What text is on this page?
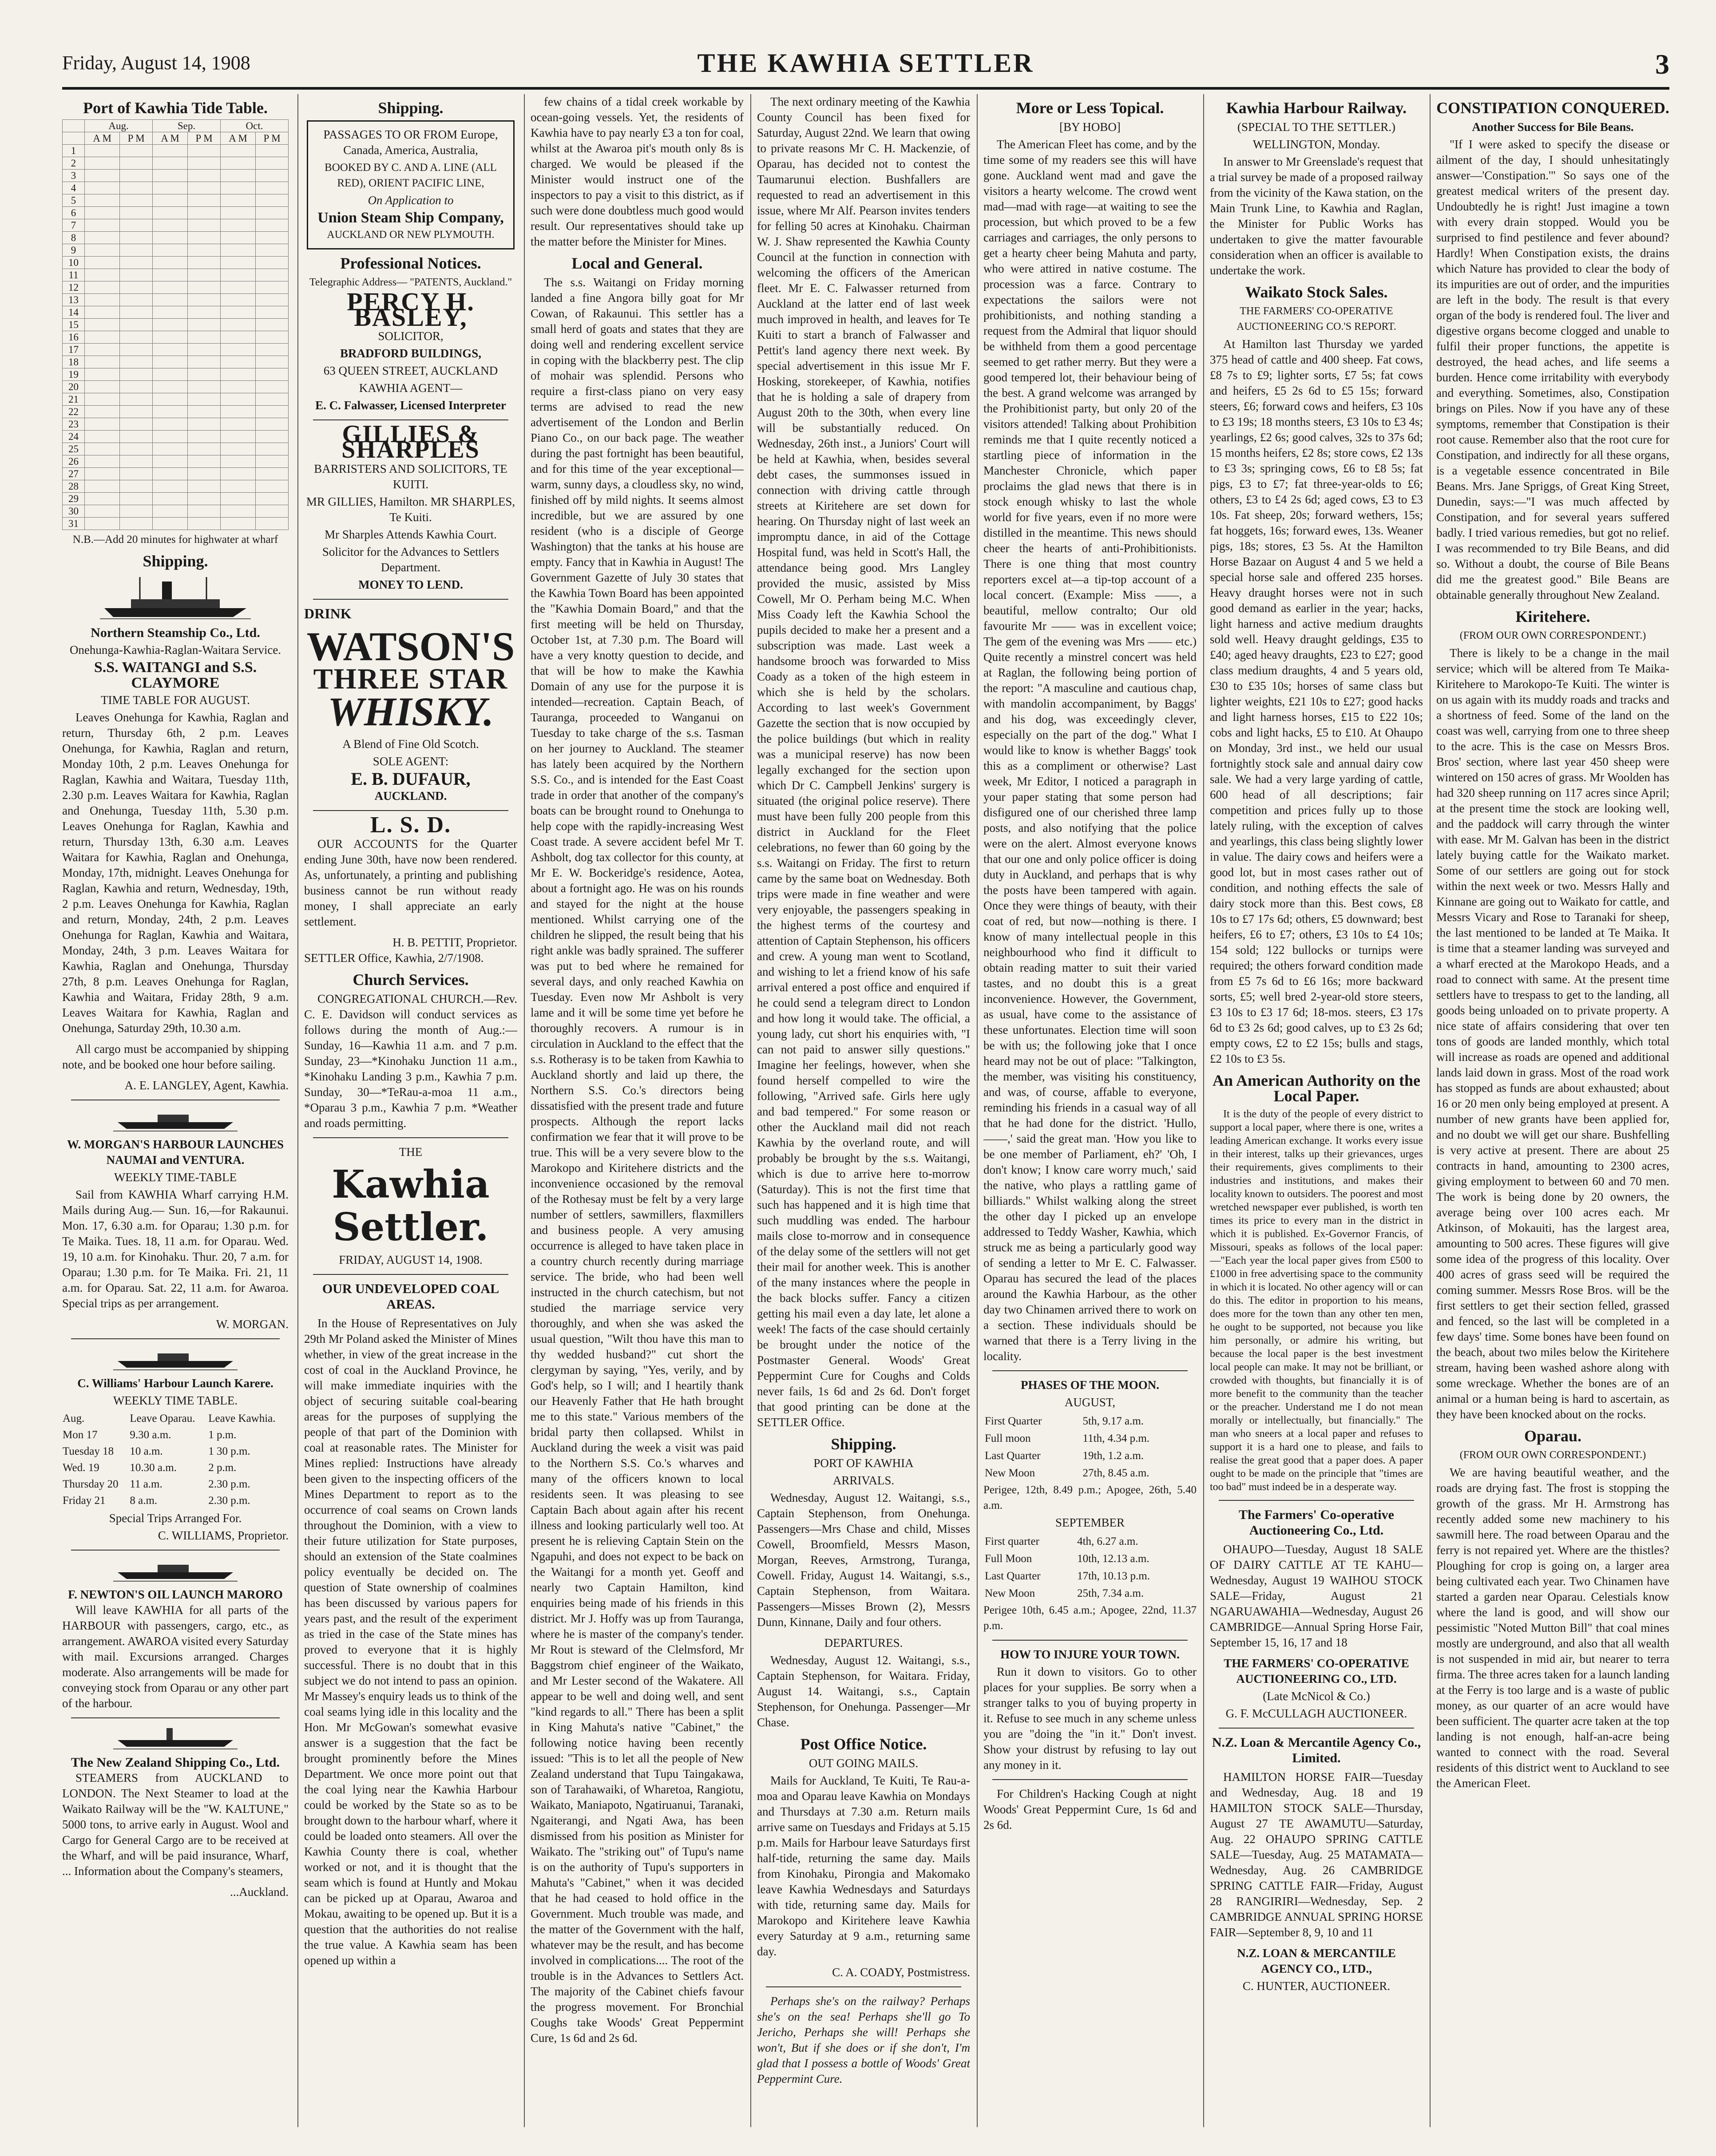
Friday, August 14, 1908	THE KAWHIA SETTLER	3
Port of Kawhia Tide Table.
	Aug.		Sep.		Oct.	
	A M	P M	A M	P M	A M	P M
1						
2						
3						
4						
5						
6						
7						
8						
9						
10						
11						
12						
13						
14						
15						
16						
17						
18						
19						
20						
21						
22						
23						
24						
25						
26						
27						
28						
29						
30						
31						
N.B.—Add 20 minutes for highwater at wharf
Shipping.
Northern Steamship Co., Ltd.
Onehunga-Kawhia-Raglan-Waitara Service.
S.S. WAITANGI and S.S. CLAYMORE
TIME TABLE FOR AUGUST.
Leaves Onehunga for Kawhia, Raglan and return, Thursday 6th, 2 p.m. Leaves Onehunga, for Kawhia, Raglan and return, Monday 10th, 2 p.m. Leaves Onehunga for Raglan, Kawhia and Waitara, Tuesday 11th, 2.30 p.m. Leaves Waitara for Kawhia, Raglan and Onehunga, Tuesday 11th, 5.30 p.m. Leaves Onehunga for Raglan, Kawhia and return, Thursday 13th, 6.30 a.m. Leaves Waitara for Kawhia, Raglan and Onehunga, Monday, 17th, midnight. Leaves Onehunga for Raglan, Kawhia and return, Wednesday, 19th, 2 p.m. Leaves Onehunga for Kawhia, Raglan and return, Monday, 24th, 2 p.m. Leaves Onehunga for Raglan, Kawhia and Waitara, Monday, 24th, 3 p.m. Leaves Waitara for Kawhia, Raglan and Onehunga, Thursday 27th, 8 p.m. Leaves Onehunga for Raglan, Kawhia and Waitara, Friday 28th, 9 a.m. Leaves Waitara for Kawhia, Raglan and Onehunga, Saturday 29th, 10.30 a.m.
All cargo must be accompanied by shipping note, and be booked one hour before sailing.
A. E. LANGLEY, Agent, Kawhia.
W. MORGAN'S HARBOUR LAUNCHES NAUMAI and VENTURA.
WEEKLY TIME-TABLE
Sail from KAWHIA Wharf carrying H.M. Mails during Aug.— Sun. 16,—for Rakaunui. Mon. 17, 6.30 a.m. for Oparau; 1.30 p.m. for Te Maika. Tues. 18, 11 a.m. for Oparau. Wed. 19, 10 a.m. for Kinohaku. Thur. 20, 7 a.m. for Oparau; 1.30 p.m. for Te Maika. Fri. 21, 11 a.m. for Oparau. Sat. 22, 11 a.m. for Awaroa. Special trips as per arrangement.
W. MORGAN.
C. Williams' Harbour Launch Karere.
WEEKLY TIME TABLE.
Aug.	Leave Oparau.	Leave Kawhia.
Mon 17	9.30 a.m.	1 p.m.
Tuesday 18	10 a.m.	1 30 p.m.
Wed. 19	10.30 a.m.	2 p.m.
Thursday 20	11 a.m.	2.30 p.m.
Friday 21	8 a.m.	2.30 p.m.
Special Trips Arranged For.
C. WILLIAMS, Proprietor.
F. NEWTON'S OIL LAUNCH MARORO
Will leave KAWHIA for all parts of the HARBOUR with passengers, cargo, etc., as arrangement. AWAROA visited every Saturday with mail. Excursions arranged. Charges moderate. Also arrangements will be made for conveying stock from Oparau or any other part of the harbour.
The New Zealand Shipping Co., Ltd.
STEAMERS from AUCKLAND to LONDON. The Next Steamer to load at the Waikato Railway will be the "W. KALTUNE," 5000 tons, to arrive early in August. Wool and Cargo for General Cargo are to be received at the Wharf, and will be paid insurance, Wharf, ... Information about the Company's steamers,
...Auckland.
Shipping.
PASSAGES TO OR FROM Europe, Canada, America, Australia,
BOOKED BY C. AND A. LINE (ALL RED), ORIENT PACIFIC LINE,
On Application to
Union Steam Ship Company,
AUCKLAND OR NEW PLYMOUTH.
Professional Notices.
Telegraphic Address— "PATENTS, Auckland."
PERCY H. BASLEY,
SOLICITOR,
BRADFORD BUILDINGS,
63 QUEEN STREET, AUCKLAND
KAWHIA AGENT—
E. C. Falwasser, Licensed Interpreter
GILLIES & SHARPLES
BARRISTERS AND SOLICITORS, TE KUITI.
MR GILLIES, Hamilton. MR SHARPLES, Te Kuiti.
Mr Sharples Attends Kawhia Court.
Solicitor for the Advances to Settlers Department.
MONEY TO LEND.
DRINK
WATSON'S
THREE STAR
WHISKY.
A Blend of Fine Old Scotch.
SOLE AGENT:
E. B. DUFAUR,
AUCKLAND.
L. S. D.
OUR ACCOUNTS for the Quarter ending June 30th, have now been rendered. As, unfortunately, a printing and publishing business cannot be run without ready money, I shall appreciate an early settlement.
H. B. PETTIT, Proprietor.
SETTLER Office, Kawhia, 2/7/1908.
Church Services.
CONGREGATIONAL CHURCH.—Rev. C. E. Davidson will conduct services as follows during the month of Aug.:— Sunday, 16—Kawhia 11 a.m. and 7 p.m. Sunday, 23—*Kinohaku Junction 11 a.m., *Kinohaku Landing 3 p.m., Kawhia 7 p.m. Sunday, 30—*TeRau-a-moa 11 a.m., *Oparau 3 p.m., Kawhia 7 p.m. *Weather and roads permitting.
THE
Kawhia Settler.
FRIDAY, AUGUST 14, 1908.
OUR UNDEVELOPED COAL AREAS.
In the House of Representatives on July 29th Mr Poland asked the Minister of Mines whether, in view of the great increase in the cost of coal in the Auckland Province, he will make immediate inquiries with the object of securing suitable coal-bearing areas for the purposes of supplying the people of that part of the Dominion with coal at reasonable rates. The Minister for Mines replied: Instructions have already been given to the inspecting officers of the Mines Department to report as to the occurrence of coal seams on Crown lands throughout the Dominion, with a view to their future utilization for State purposes, should an extension of the State coalmines policy eventually be decided on. The question of State ownership of coalmines has been discussed by various papers for years past, and the result of the experiment as tried in the case of the State mines has proved to everyone that it is highly successful. There is no doubt that in this subject we do not intend to pass an opinion. Mr Massey's enquiry leads us to think of the coal seams lying idle in this locality and the Hon. Mr McGowan's somewhat evasive answer is a suggestion that the fact be brought prominently before the Mines Department. We once more point out that the coal lying near the Kawhia Harbour could be worked by the State so as to be brought down to the harbour wharf, where it could be loaded onto steamers. All over the Kawhia County there is coal, whether worked or not, and it is thought that the seam which is found at Huntly and Mokau can be picked up at Oparau, Awaroa and Mokau, awaiting to be opened up. But it is a question that the authorities do not realise the true value. A Kawhia seam has been opened up within a
few chains of a tidal creek workable by ocean-going vessels. Yet, the residents of Kawhia have to pay nearly £3 a ton for coal, whilst at the Awaroa pit's mouth only 8s is charged. We would be pleased if the Minister would instruct one of the inspectors to pay a visit to this district, as if such were done doubtless much good would result. Our representatives should take up the matter before the Minister for Mines.
Local and General.
The s.s. Waitangi on Friday morning landed a fine Angora billy goat for Mr Cowan, of Rakaunui. This settler has a small herd of goats and states that they are doing well and rendering excellent service in coping with the blackberry pest. The clip of mohair was splendid. Persons who require a first-class piano on very easy terms are advised to read the new advertisement of the London and Berlin Piano Co., on our back page. The weather during the past fortnight has been beautiful, and for this time of the year exceptional—warm, sunny days, a cloudless sky, no wind, finished off by mild nights. It seems almost incredible, but we are assured by one resident (who is a disciple of George Washington) that the tanks at his house are empty. Fancy that in Kawhia in August! The Government Gazette of July 30 states that the Kawhia Town Board has been appointed the "Kawhia Domain Board," and that the first meeting will be held on Thursday, October 1st, at 7.30 p.m. The Board will have a very knotty question to decide, and that will be how to make the Kawhia Domain of any use for the purpose it is intended—recreation. Captain Beach, of Tauranga, proceeded to Wanganui on Tuesday to take charge of the s.s. Tasman on her journey to Auckland. The steamer has lately been acquired by the Northern S.S. Co., and is intended for the East Coast trade in order that another of the company's boats can be brought round to Onehunga to help cope with the rapidly-increasing West Coast trade. A severe accident befel Mr T. Ashbolt, dog tax collector for this county, at Mr E. W. Bockeridge's residence, Aotea, about a fortnight ago. He was on his rounds and stayed for the night at the house mentioned. Whilst carrying one of the children he slipped, the result being that his right ankle was badly sprained. The sufferer was put to bed where he remained for several days, and only reached Kawhia on Tuesday. Even now Mr Ashbolt is very lame and it will be some time yet before he thoroughly recovers. A rumour is in circulation in Auckland to the effect that the s.s. Rotherasy is to be taken from Kawhia to Auckland shortly and laid up there, the Northern S.S. Co.'s directors being dissatisfied with the present trade and future prospects. Although the report lacks confirmation we fear that it will prove to be true. This will be a very severe blow to the Marokopo and Kiritehere districts and the inconvenience occasioned by the removal of the Rothesay must be felt by a very large number of settlers, sawmillers, flaxmillers and business people. A very amusing occurrence is alleged to have taken place in a country church recently during marriage service. The bride, who had been well instructed in the church catechism, but not studied the marriage service very thoroughly, and when she was asked the usual question, "Wilt thou have this man to thy wedded husband?" cut short the clergyman by saying, "Yes, verily, and by God's help, so I will; and I heartily thank our Heavenly Father that He hath brought me to this state." Various members of the bridal party then collapsed. Whilst in Auckland during the week a visit was paid to the Northern S.S. Co.'s wharves and many of the officers known to local residents seen. It was pleasing to see Captain Bach about again after his recent illness and looking particularly well too. At present he is relieving Captain Stein on the Ngapuhi, and does not expect to be back on the Waitangi for a month yet. Geoff and nearly two Captain Hamilton, kind enquiries being made of his friends in this district. Mr J. Hoffy was up from Tauranga, where he is master of the company's tender. Mr Rout is steward of the Clelmsford, Mr Baggstrom chief engineer of the Waikato, and Mr Lester second of the Wakatere. All appear to be well and doing well, and sent "kind regards to all." There has been a split in King Mahuta's native "Cabinet," the following notice having been recently issued: "This is to let all the people of New Zealand understand that Tupu Taingakawa, son of Tarahawaiki, of Wharetoa, Rangiotu, Waikato, Maniapoto, Ngatiruanui, Taranaki, Ngaiterangi, and Ngati Awa, has been dismissed from his position as Minister for Waikato. The "striking out" of Tupu's name is on the authority of Tupu's supporters in Mahuta's "Cabinet," when it was decided that he had ceased to hold office in the Government. Much trouble was made, and the matter of the Government with the half, whatever may be the result, and has become involved in complications.... The root of the trouble is in the Advances to Settlers Act. The majority of the Cabinet chiefs favour the progress movement. For Bronchial Coughs take Woods' Great Peppermint Cure, 1s 6d and 2s 6d.
The next ordinary meeting of the Kawhia County Council has been fixed for Saturday, August 22nd. We learn that owing to private reasons Mr C. H. Mackenzie, of Oparau, has decided not to contest the Taumarunui election. Bushfallers are requested to read an advertisement in this issue, where Mr Alf. Pearson invites tenders for felling 50 acres at Kinohaku. Chairman W. J. Shaw represented the Kawhia County Council at the function in connection with welcoming the officers of the American fleet. Mr E. C. Falwasser returned from Auckland at the latter end of last week much improved in health, and leaves for Te Kuiti to start a branch of Falwasser and Pettit's land agency there next week. By special advertisement in this issue Mr F. Hosking, storekeeper, of Kawhia, notifies that he is holding a sale of drapery from August 20th to the 30th, when every line will be substantially reduced. On Wednesday, 26th inst., a Juniors' Court will be held at Kawhia, when, besides several debt cases, the summonses issued in connection with driving cattle through streets at Kiritehere are set down for hearing. On Thursday night of last week an impromptu dance, in aid of the Cottage Hospital fund, was held in Scott's Hall, the attendance being good. Mrs Langley provided the music, assisted by Miss Cowell, Mr O. Perham being M.C. When Miss Coady left the Kawhia School the pupils decided to make her a present and a subscription was made. Last week a handsome brooch was forwarded to Miss Coady as a token of the high esteem in which she is held by the scholars. According to last week's Government Gazette the section that is now occupied by the police buildings (but which in reality was a municipal reserve) has now been legally exchanged for the section upon which Dr C. Campbell Jenkins' surgery is situated (the original police reserve). There must have been fully 200 people from this district in Auckland for the Fleet celebrations, no fewer than 60 going by the s.s. Waitangi on Friday. The first to return came by the same boat on Wednesday. Both trips were made in fine weather and were very enjoyable, the passengers speaking in the highest terms of the courtesy and attention of Captain Stephenson, his officers and crew. A young man went to Scotland, and wishing to let a friend know of his safe arrival entered a post office and enquired if he could send a telegram direct to London and how long it would take. The official, a young lady, cut short his enquiries with, "I can not paid to answer silly questions." Imagine her feelings, however, when she found herself compelled to wire the following, "Arrived safe. Girls here ugly and bad tempered." For some reason or other the Auckland mail did not reach Kawhia by the overland route, and will probably be brought by the s.s. Waitangi, which is due to arrive here to-morrow (Saturday). This is not the first time that such has happened and it is high time that such muddling was ended. The harbour mails close to-morrow and in consequence of the delay some of the settlers will not get their mail for another week. This is another of the many instances where the people in the back blocks suffer. Fancy a citizen getting his mail even a day late, let alone a week! The facts of the case should certainly be brought under the notice of the Postmaster General. Woods' Great Peppermint Cure for Coughs and Colds never fails, 1s 6d and 2s 6d. Don't forget that good printing can be done at the SETTLER Office.
Shipping.
PORT OF KAWHIA
ARRIVALS.
Wednesday, August 12. Waitangi, s.s., Captain Stephenson, from Onehunga. Passengers—Mrs Chase and child, Misses Cowell, Broomfield, Messrs Mason, Morgan, Reeves, Armstrong, Turanga, Cowell. Friday, August 14. Waitangi, s.s., Captain Stephenson, from Waitara. Passengers—Misses Brown (2), Messrs Dunn, Kinnane, Daily and four others.
DEPARTURES.
Wednesday, August 12. Waitangi, s.s., Captain Stephenson, for Waitara. Friday, August 14. Waitangi, s.s., Captain Stephenson, for Onehunga. Passenger—Mr Chase.
Post Office Notice.
OUT GOING MAILS.
Mails for Auckland, Te Kuiti, Te Rau-a-moa and Oparau leave Kawhia on Mondays and Thursdays at 7.30 a.m. Return mails arrive same on Tuesdays and Fridays at 5.15 p.m. Mails for Harbour leave Saturdays first half-tide, returning the same day. Mails from Kinohaku, Pirongia and Makomako leave Kawhia Wednesdays and Saturdays with tide, returning same day. Mails for Marokopo and Kiritehere leave Kawhia every Saturday at 9 a.m., returning same day.
C. A. COADY, Postmistress.
Perhaps she's on the railway? Perhaps she's on the sea! Perhaps she'll go To Jericho, Perhaps she will! Perhaps she won't, But if she does or if she don't, I'm glad that I possess a bottle of Woods' Great Peppermint Cure.
More or Less Topical.
[BY HOBO]
The American Fleet has come, and by the time some of my readers see this will have gone. Auckland went mad and gave the visitors a hearty welcome. The crowd went mad—mad with rage—at waiting to see the procession, but which proved to be a few carriages and carriages, the only persons to get a hearty cheer being Mahuta and party, who were attired in native costume. The procession was a farce. Contrary to expectations the sailors were not prohibitionists, and nothing standing a request from the Admiral that liquor should be withheld from them a good percentage seemed to get rather merry. But they were a good tempered lot, their behaviour being of the best. A grand welcome was arranged by the Prohibitionist party, but only 20 of the visitors attended! Talking about Prohibition reminds me that I quite recently noticed a startling piece of information in the Manchester Chronicle, which paper proclaims the glad news that there is in stock enough whisky to last the whole world for five years, even if no more were distilled in the meantime. This news should cheer the hearts of anti-Prohibitionists. There is one thing that most country reporters excel at—a tip-top account of a local concert. (Example: Miss ——, a beautiful, mellow contralto; Our old favourite Mr —— was in excellent voice; The gem of the evening was Mrs —— etc.) Quite recently a minstrel concert was held at Raglan, the following being portion of the report: "A masculine and cautious chap, with mandolin accompaniment, by Baggs' and his dog, was exceedingly clever, especially on the part of the dog." What I would like to know is whether Baggs' took this as a compliment or otherwise? Last week, Mr Editor, I noticed a paragraph in your paper stating that some person had disfigured one of our cherished three lamp posts, and also notifying that the police were on the alert. Almost everyone knows that our one and only police officer is doing duty in Auckland, and perhaps that is why the posts have been tampered with again. Once they were things of beauty, with their coat of red, but now—nothing is there. I know of many intellectual people in this neighbourhood who find it difficult to obtain reading matter to suit their varied tastes, and no doubt this is a great inconvenience. However, the Government, as usual, have come to the assistance of these unfortunates. Election time will soon be with us; the following joke that I once heard may not be out of place: "Talkington, the member, was visiting his constituency, and was, of course, affable to everyone, reminding his friends in a casual way of all that he had done for the district. 'Hullo, ——,' said the great man. 'How you like to be one member of Parliament, eh?' 'Oh, I don't know; I know care worry much,' said the native, who plays a rattling game of billiards." Whilst walking along the street the other day I picked up an envelope addressed to Teddy Washer, Kawhia, which struck me as being a particularly good way of sending a letter to Mr E. C. Falwasser. Oparau has secured the lead of the places around the Kawhia Harbour, as the other day two Chinamen arrived there to work on a section. These individuals should be warned that there is a Terry living in the locality.
PHASES OF THE MOON.
AUGUST,
First Quarter	5th, 9.17 a.m.
Full moon	11th, 4.34 p.m.
Last Quarter	19th, 1.2 a.m.
New Moon	27th, 8.45 a.m.
Perigee, 12th, 8.49 p.m.; Apogee, 26th, 5.40 a.m.
SEPTEMBER
First quarter	4th, 6.27 a.m.
Full Moon	10th, 12.13 a.m.
Last Quarter	17th, 10.13 p.m.
New Moon	25th, 7.34 a.m.
Perigee 10th, 6.45 a.m.; Apogee, 22nd, 11.37 p.m.
HOW TO INJURE YOUR TOWN.
Run it down to visitors. Go to other places for your supplies. Be sorry when a stranger talks to you of buying property in it. Refuse to see much in any scheme unless you are "doing the "in it." Don't invest. Show your distrust by refusing to lay out any money in it.
For Children's Hacking Cough at night Woods' Great Peppermint Cure, 1s 6d and 2s 6d.
Kawhia Harbour Railway.
(SPECIAL TO THE SETTLER.)
WELLINGTON, Monday.
In answer to Mr Greenslade's request that a trial survey be made of a proposed railway from the vicinity of the Kawa station, on the Main Trunk Line, to Kawhia and Raglan, the Minister for Public Works has undertaken to give the matter favourable consideration when an officer is available to undertake the work.
Waikato Stock Sales.
THE FARMERS' CO-OPERATIVE AUCTIONEERING CO.'S REPORT.
At Hamilton last Thursday we yarded 375 head of cattle and 400 sheep. Fat cows, £8 7s to £9; lighter sorts, £7 5s; fat cows and heifers, £5 2s 6d to £5 15s; forward steers, £6; forward cows and heifers, £3 10s to £3 19s; 18 months steers, £3 10s to £3 4s; yearlings, £2 6s; good calves, 32s to 37s 6d; 15 months heifers, £2 8s; store cows, £2 13s to £3 3s; springing cows, £6 to £8 5s; fat pigs, £3 to £7; fat three-year-olds to £6; others, £3 to £4 2s 6d; aged cows, £3 to £3 10s. Fat sheep, 20s; forward wethers, 15s; fat hoggets, 16s; forward ewes, 13s. Weaner pigs, 18s; stores, £3 5s. At the Hamilton Horse Bazaar on August 4 and 5 we held a special horse sale and offered 235 horses. Heavy draught horses were not in such good demand as earlier in the year; hacks, light harness and active medium draughts sold well. Heavy draught geldings, £35 to £40; aged heavy draughts, £23 to £27; good class medium draughts, 4 and 5 years old, £30 to £35 10s; horses of same class but lighter weights, £21 10s to £27; good hacks and light harness horses, £15 to £22 10s; cobs and light hacks, £5 to £10. At Ohaupo on Monday, 3rd inst., we held our usual fortnightly stock sale and annual dairy cow sale. We had a very large yarding of cattle, 600 head of all descriptions; fair competition and prices fully up to those lately ruling, with the exception of calves and yearlings, this class being slightly lower in value. The dairy cows and heifers were a good lot, but in most cases rather out of condition, and nothing effects the sale of dairy stock more than this. Best cows, £8 10s to £7 17s 6d; others, £5 downward; best heifers, £6 to £7; others, £3 10s to £4 10s; 154 sold; 122 bullocks or turnips were required; the others forward condition made from £5 7s 6d to £6 16s; more backward sorts, £5; well bred 2-year-old store steers, £3 10s to £3 17 6d; 18-mos. steers, £3 17s 6d to £3 2s 6d; good calves, up to £3 2s 6d; empty cows, £2 to £2 15s; bulls and stags, £2 10s to £3 5s.
An American Authority on the Local Paper.
It is the duty of the people of every district to support a local paper, where there is one, writes a leading American exchange. It works every issue in their interest, talks up their grievances, urges their requirements, gives compliments to their industries and institutions, and makes their locality known to outsiders. The poorest and most wretched newspaper ever published, is worth ten times its price to every man in the district in which it is published. Ex-Governor Francis, of Missouri, speaks as follows of the local paper:—"Each year the local paper gives from £500 to £1000 in free advertising space to the community in which it is located. No other agency will or can do this. The editor in proportion to his means, does more for the town than any other ten men, he ought to be supported, not because you like him personally, or admire his writing, but because the local paper is the best investment local people can make. It may not be brilliant, or crowded with thoughts, but financially it is of more benefit to the community than the teacher or the preacher. Understand me I do not mean morally or intellectually, but financially." The man who sneers at a local paper and refuses to support it is a hard one to please, and fails to realise the great good that a paper does. A paper ought to be made on the principle that "times are too bad" must indeed be in a desperate way.
The Farmers' Co-operative Auctioneering Co., Ltd.
OHAUPO—Tuesday, August 18 SALE OF DAIRY CATTLE AT TE KAHU—Wednesday, August 19 WAIHOU STOCK SALE—Friday, August 21 NGARUAWAHIA—Wednesday, August 26 CAMBRIDGE—Annual Spring Horse Fair, September 15, 16, 17 and 18
THE FARMERS' CO-OPERATIVE AUCTIONEERING CO., LTD.
(Late McNicol & Co.)
G. F. McCULLAGH AUCTIONEER.
N.Z. Loan & Mercantile Agency Co., Limited.
HAMILTON HORSE FAIR—Tuesday and Wednesday, Aug. 18 and 19 HAMILTON STOCK SALE—Thursday, August 27 TE AWAMUTU—Saturday, Aug. 22 OHAUPO SPRING CATTLE SALE—Tuesday, Aug. 25 MATAMATA—Wednesday, Aug. 26 CAMBRIDGE SPRING CATTLE FAIR—Friday, August 28 RANGIRIRI—Wednesday, Sep. 2 CAMBRIDGE ANNUAL SPRING HORSE FAIR—September 8, 9, 10 and 11
N.Z. LOAN & MERCANTILE AGENCY CO., LTD.,
C. HUNTER, AUCTIONEER.
CONSTIPATION CONQUERED.
Another Success for Bile Beans.
"If I were asked to specify the disease or ailment of the day, I should unhesitatingly answer—'Constipation.'" So says one of the greatest medical writers of the present day. Undoubtedly he is right! Just imagine a town with every drain stopped. Would you be surprised to find pestilence and fever abound? Hardly! When Constipation exists, the drains which Nature has provided to clear the body of its impurities are out of order, and the impurities are left in the body. The result is that every organ of the body is rendered foul. The liver and digestive organs become clogged and unable to fulfil their proper functions, the appetite is destroyed, the head aches, and life seems a burden. Hence come irritability with everybody and everything. Sometimes, also, Constipation brings on Piles. Now if you have any of these symptoms, remember that Constipation is their root cause. Remember also that the root cure for Constipation, and indirectly for all these organs, is a vegetable essence concentrated in Bile Beans. Mrs. Jane Spriggs, of Great King Street, Dunedin, says:—"I was much affected by Constipation, and for several years suffered badly. I tried various remedies, but got no relief. I was recommended to try Bile Beans, and did so. Without a doubt, the course of Bile Beans did me the greatest good." Bile Beans are obtainable generally throughout New Zealand.
Kiritehere.
(FROM OUR OWN CORRESPONDENT.)
There is likely to be a change in the mail service; which will be altered from Te Maika-Kiritehere to Marokopo-Te Kuiti. The winter is on us again with its muddy roads and tracks and a shortness of feed. Some of the land on the coast was well, carrying from one to three sheep to the acre. This is the case on Messrs Bros. Bros' section, where last year 450 sheep were wintered on 150 acres of grass. Mr Woolden has had 320 sheep running on 117 acres since April; at the present time the stock are looking well, and the paddock will carry through the winter with ease. Mr M. Galvan has been in the district lately buying cattle for the Waikato market. Some of our settlers are going out for stock within the next week or two. Messrs Hally and Kinnane are going out to Waikato for cattle, and Messrs Vicary and Rose to Taranaki for sheep, the last mentioned to be landed at Te Maika. It is time that a steamer landing was surveyed and a wharf erected at the Marokopo Heads, and a road to connect with same. At the present time settlers have to trespass to get to the landing, all goods being unloaded on to private property. A nice state of affairs considering that over ten tons of goods are landed monthly, which total will increase as roads are opened and additional lands laid down in grass. Most of the road work has stopped as funds are about exhausted; about 16 or 20 men only being employed at present. A number of new grants have been applied for, and no doubt we will get our share. Bushfelling is very active at present. There are about 25 contracts in hand, amounting to 2300 acres, giving employment to between 60 and 70 men. The work is being done by 20 owners, the average being over 100 acres each. Mr Atkinson, of Mokauiti, has the largest area, amounting to 500 acres. These figures will give some idea of the progress of this locality. Over 400 acres of grass seed will be required the coming summer. Messrs Rose Bros. will be the first settlers to get their section felled, grassed and fenced, so the last will be completed in a few days' time. Some bones have been found on the beach, about two miles below the Kiritehere stream, having been washed ashore along with some wreckage. Whether the bones are of an animal or a human being is hard to ascertain, as they have been knocked about on the rocks.
Oparau.
(FROM OUR OWN CORRESPONDENT.)
We are having beautiful weather, and the roads are drying fast. The frost is stopping the growth of the grass. Mr H. Armstrong has recently added some new machinery to his sawmill here. The road between Oparau and the ferry is not repaired yet. Where are the thistles? Ploughing for crop is going on, a larger area being cultivated each year. Two Chinamen have started a garden near Oparau. Celestials know where the land is good, and will show our pessimistic "Noted Mutton Bill" that coal mines mostly are underground, and also that all wealth is not suspended in mid air, but nearer to terra firma. The three acres taken for a launch landing at the Ferry is too large and is a waste of public money, as our quarter of an acre would have been sufficient. The quarter acre taken at the top landing is not enough, half-an-acre being wanted to connect with the road. Several residents of this district went to Auckland to see the American Fleet.
